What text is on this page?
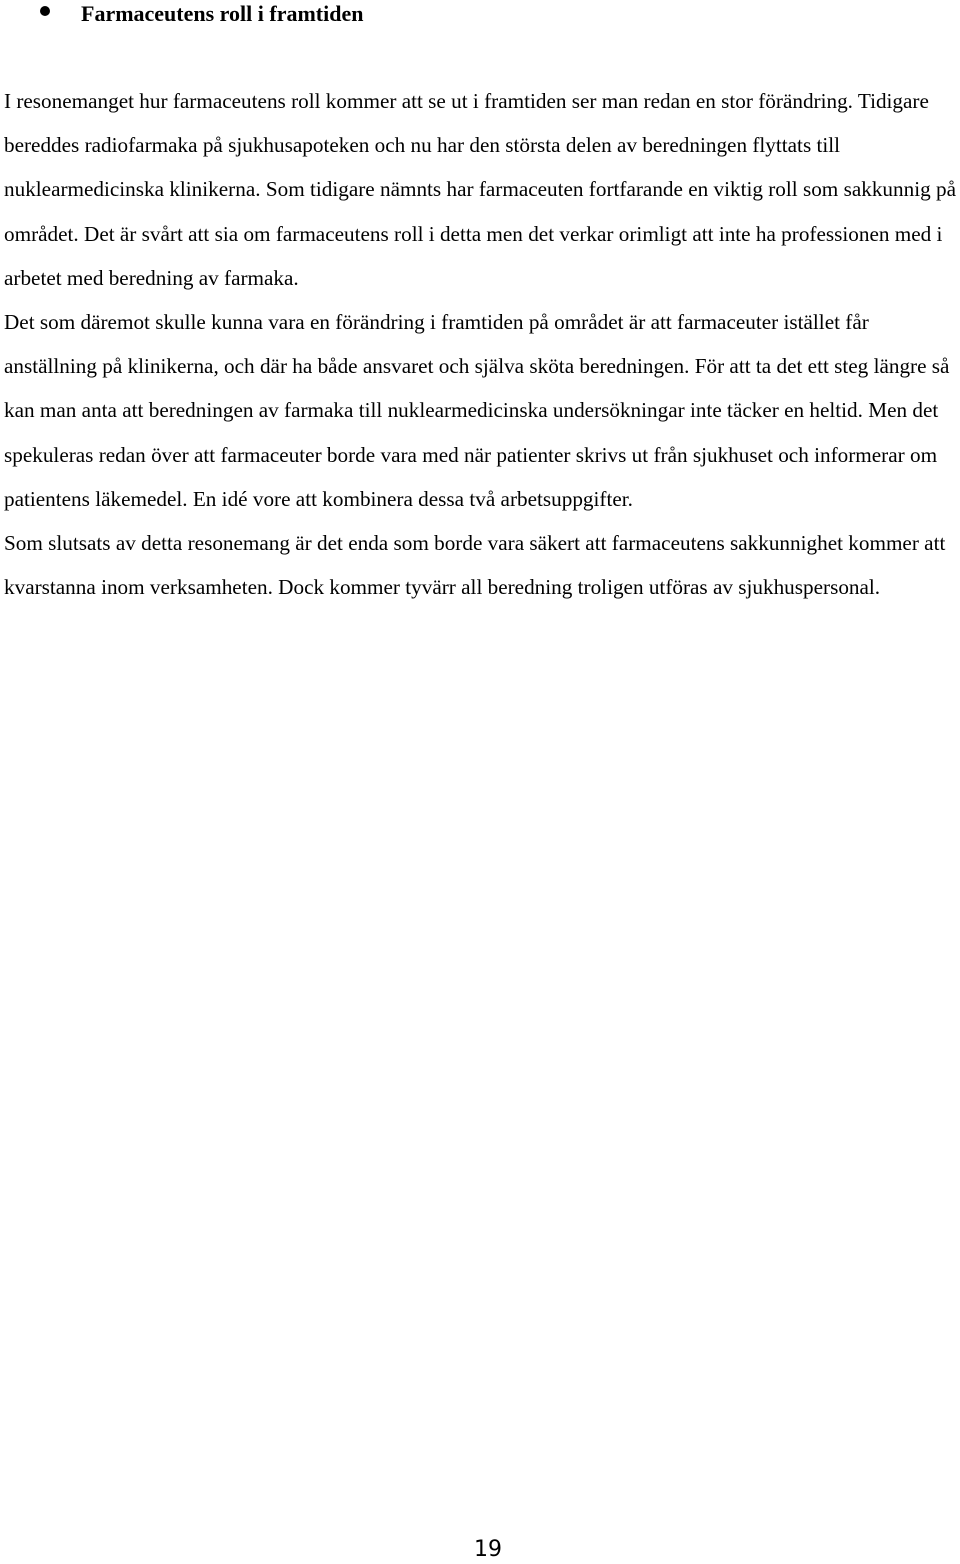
Farmaceutens roll i framtiden

I resonemanget hur farmaceutens roll kommer att se ut i framtiden ser man redan en stor förändring. Tidigare bereddes radiofarmaka på sjukhusapoteken och nu har den största delen av beredningen flyttats till nuklearmedicinska klinikerna. Som tidigare nämnts har farmaceuten fortfarande en viktig roll som sakkunnig på området. Det är svårt att sia om farmaceutens roll i detta men det verkar orimligt att inte ha professionen med i arbetet med beredning av farmaka.

Det som däremot skulle kunna vara en förändring i framtiden på området är att farmaceuter istället får anställning på klinikerna, och där ha både ansvaret och själva sköta beredningen. För att ta det ett steg längre så kan man anta att beredningen av farmaka till nuklearmedicinska undersökningar inte täcker en heltid. Men det spekuleras redan över att farmaceuter borde vara med när patienter skrivs ut från sjukhuset och informerar om patientens läkemedel. En idé vore att kombinera dessa två arbetsuppgifter.

Som slutsats av detta resonemang är det enda som borde vara säkert att farmaceutens sakkunnighet kommer att kvarstanna inom verksamheten. Dock kommer tyvärr all beredning troligen utföras av sjukhuspersonal.

19
